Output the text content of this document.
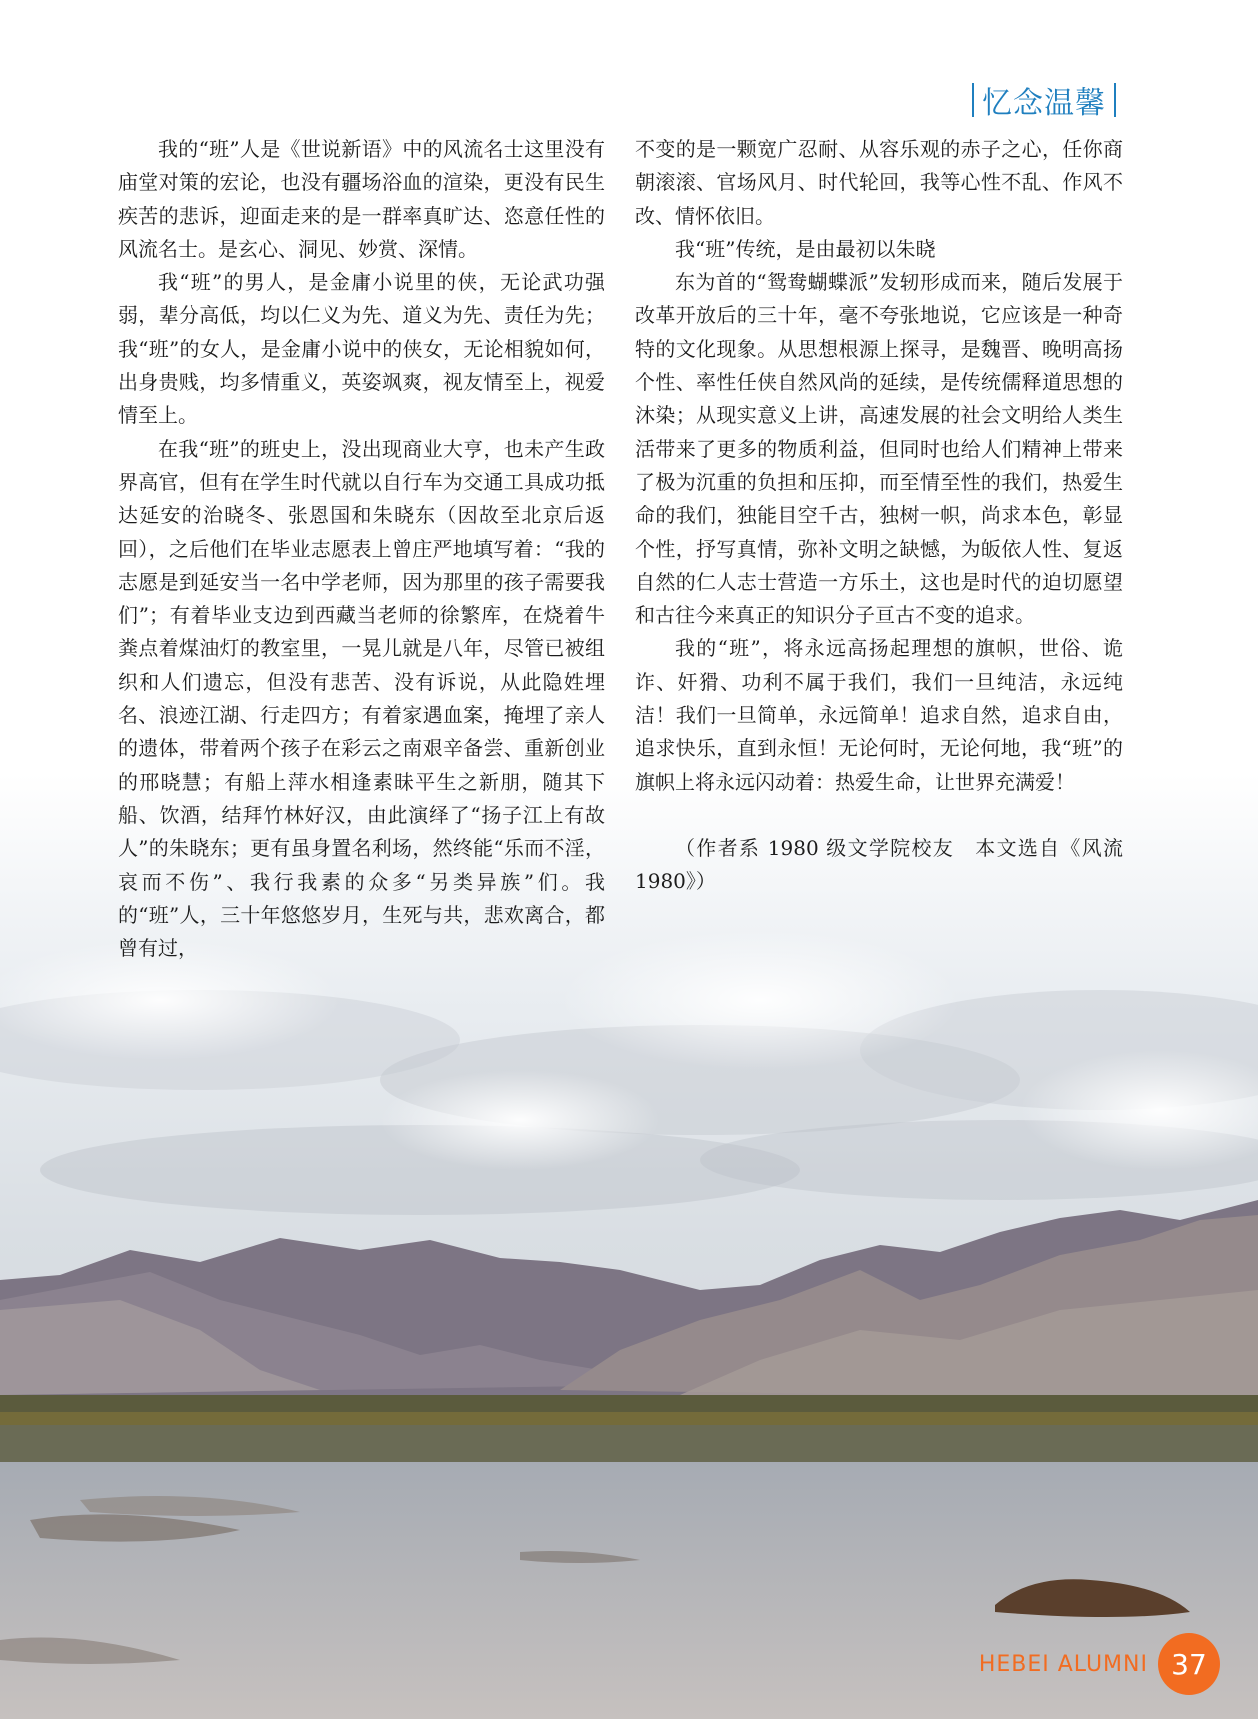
忆念温馨

我的“班”人是《世说新语》中的风流名士这里没有庙堂对策的宏论，也没有疆场浴血的渲染，更没有民生疾苦的悲诉，迎面走来的是一群率真旷达、恣意任性的风流名士。是玄心、洞见、妙赏、深情。

我“班”的男人，是金庸小说里的侠，无论武功强弱，辈分高低，均以仁义为先、道义为先、责任为先；我“班”的女人，是金庸小说中的侠女，无论相貌如何，出身贵贱，均多情重义，英姿飒爽，视友情至上，视爱情至上。

在我“班”的班史上，没出现商业大亨，也未产生政界高官，但有在学生时代就以自行车为交通工具成功抵达延安的治晓冬、张恩国和朱晓东（因故至北京后返回），之后他们在毕业志愿表上曾庄严地填写着：“我的志愿是到延安当一名中学老师，因为那里的孩子需要我们”；有着毕业支边到西藏当老师的徐繁库，在烧着牛粪点着煤油灯的教室里，一晃儿就是八年，尽管已被组织和人们遗忘，但没有悲苦、没有诉说，从此隐姓埋名、浪迹江湖、行走四方；有着家遇血案，掩埋了亲人的遗体，带着两个孩子在彩云之南艰辛备尝、重新创业的邢晓慧；有船上萍水相逢素昧平生之新朋，随其下船、饮酒，结拜竹林好汉，由此演绎了“扬子江上有故人”的朱晓东；更有虽身置名利场，然终能“乐而不淫，哀而不伤”、我行我素的众多“另类异族”们。我的“班”人，三十年悠悠岁月，生死与共，悲欢离合，都曾有过，

不变的是一颗宽广忍耐、从容乐观的赤子之心，任你商朝滚滚、官场风月、时代轮回，我等心性不乱、作风不改、情怀依旧。

我“班”传统，是由最初以朱晓

东为首的“鸳鸯蝴蝶派”发轫形成而来，随后发展于改革开放后的三十年，毫不夸张地说，它应该是一种奇特的文化现象。从思想根源上探寻，是魏晋、晚明高扬个性、率性任侠自然风尚的延续，是传统儒释道思想的沐染；从现实意义上讲，高速发展的社会文明给人类生活带来了更多的物质利益，但同时也给人们精神上带来了极为沉重的负担和压抑，而至情至性的我们，热爱生命的我们，独能目空千古，独树一帜，尚求本色，彰显个性，抒写真情，弥补文明之缺憾，为皈依人性、复返自然的仁人志士营造一方乐土，这也是时代的迫切愿望和古往今来真正的知识分子亘古不变的追求。

我的“班”，将永远高扬起理想的旗帜，世俗、诡诈、奸猾、功利不属于我们，我们一旦纯洁，永远纯洁！我们一旦简单，永远简单！追求自然，追求自由，追求快乐，直到永恒！无论何时，无论何地，我“班”的旗帜上将永远闪动着：热爱生命，让世界充满爱！

（作者系 1980 级文学院校友　本文选自《风流 1980》）

HEBEI ALUMNI 37
